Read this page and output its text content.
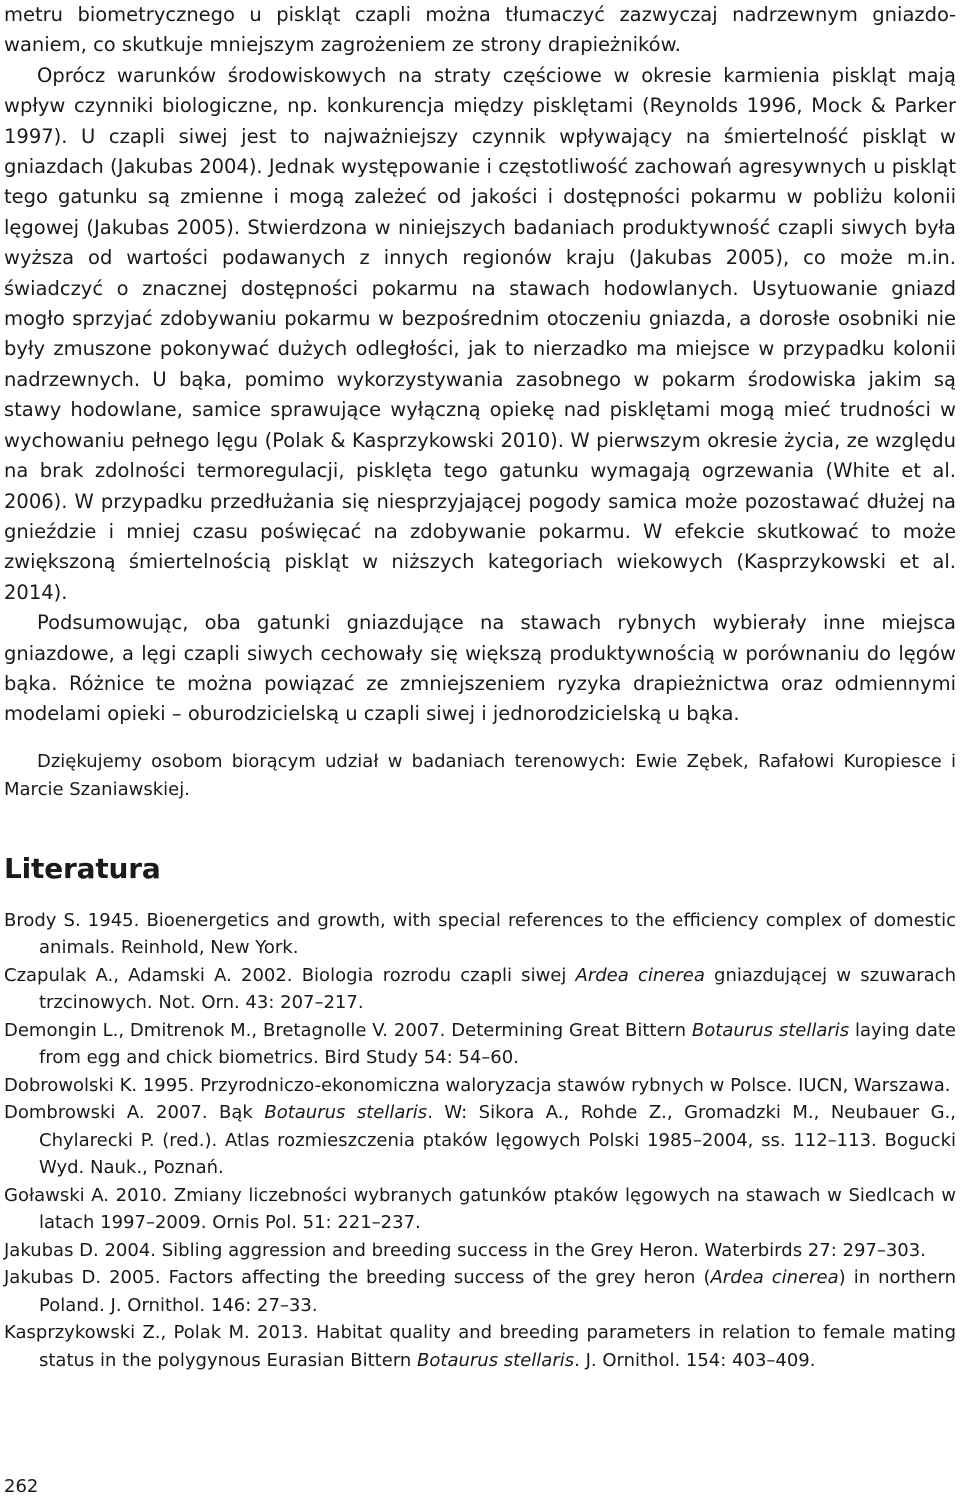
metru biometrycznego u piskląt czapli można tłumaczyć zazwyczaj nadrzewnym gniazdowaniem, co skutkuje mniejszym zagrożeniem ze strony drapieżników.

Oprócz warunków środowiskowych na straty częściowe w okresie karmienia piskląt mają wpływ czynniki biologiczne, np. konkurencja między pisklętami (Reynolds 1996, Mock & Parker 1997). U czapli siwej jest to najważniejszy czynnik wpływający na śmiertelność piskląt w gniazdach (Jakubas 2004). Jednak występowanie i częstotliwość zachowań agresywnych u piskląt tego gatunku są zmienne i mogą zależeć od jakości i dostępności pokarmu w pobliżu kolonii lęgowej (Jakubas 2005). Stwierdzona w niniejszych badaniach produktywność czapli siwych była wyższa od wartości podawanych z innych regionów kraju (Jakubas 2005), co może m.in. świadczyć o znacznej dostępności pokarmu na stawach hodowlanych. Usytuowanie gniazd mogło sprzyjać zdobywaniu pokarmu w bezpośrednim otoczeniu gniazda, a dorosłe osobniki nie były zmuszone pokonywać dużych odległości, jak to nierzadko ma miejsce w przypadku kolonii nadrzewnych. U bąka, pomimo wykorzystywania zasobnego w pokarm środowiska jakim są stawy hodowlane, samice sprawujące wyłączną opiekę nad pisklętami mogą mieć trudności w wychowaniu pełnego lęgu (Polak & Kasprzykowski 2010). W pierwszym okresie życia, ze względu na brak zdolności termoregulacji, pisklęta tego gatunku wymagają ogrzewania (White et al. 2006). W przypadku przedłużania się niesprzyjającej pogody samica może pozostawać dłużej na gnieździe i mniej czasu poświęcać na zdobywanie pokarmu. W efekcie skutkować to może zwiększoną śmiertelnością piskląt w niższych kategoriach wiekowych (Kasprzykowski et al. 2014).

Podsumowując, oba gatunki gniazdujące na stawach rybnych wybierały inne miejsca gniazdowe, a lęgi czapli siwych cechowały się większą produktywnością w porównaniu do lęgów bąka. Różnice te można powiązać ze zmniejszeniem ryzyka drapieżnictwa oraz odmiennymi modelami opieki – oburodzicielską u czapli siwej i jednorodzicielską u bąka.

Dziękujemy osobom biorącym udział w badaniach terenowych: Ewie Zębek, Rafałowi Kuropiesce i Marcie Szaniawskiej.

Literatura
Brody S. 1945. Bioenergetics and growth, with special references to the efficiency complex of domestic animals. Reinhold, New York.
Czapulak A., Adamski A. 2002. Biologia rozrodu czapli siwej Ardea cinerea gniazdującej w szuwarach trzcinowych. Not. Orn. 43: 207–217.
Demongin L., Dmitrenok M., Bretagnolle V. 2007. Determining Great Bittern Botaurus stellaris laying date from egg and chick biometrics. Bird Study 54: 54–60.
Dobrowolski K. 1995. Przyrodniczo-ekonomiczna waloryzacja stawów rybnych w Polsce. IUCN, Warszawa.
Dombrowski A. 2007. Bąk Botaurus stellaris. W: Sikora A., Rohde Z., Gromadzki M., Neubauer G., Chylarecki P. (red.). Atlas rozmieszczenia ptaków lęgowych Polski 1985–2004, ss. 112–113. Bogucki Wyd. Nauk., Poznań.
Goławski A. 2010. Zmiany liczebności wybranych gatunków ptaków lęgowych na stawach w Siedlcach w latach 1997–2009. Ornis Pol. 51: 221–237.
Jakubas D. 2004. Sibling aggression and breeding success in the Grey Heron. Waterbirds 27: 297–303.
Jakubas D. 2005. Factors affecting the breeding success of the grey heron (Ardea cinerea) in northern Poland. J. Ornithol. 146: 27–33.
Kasprzykowski Z., Polak M. 2013. Habitat quality and breeding parameters in relation to female mating status in the polygynous Eurasian Bittern Botaurus stellaris. J. Ornithol. 154: 403–409.
262
